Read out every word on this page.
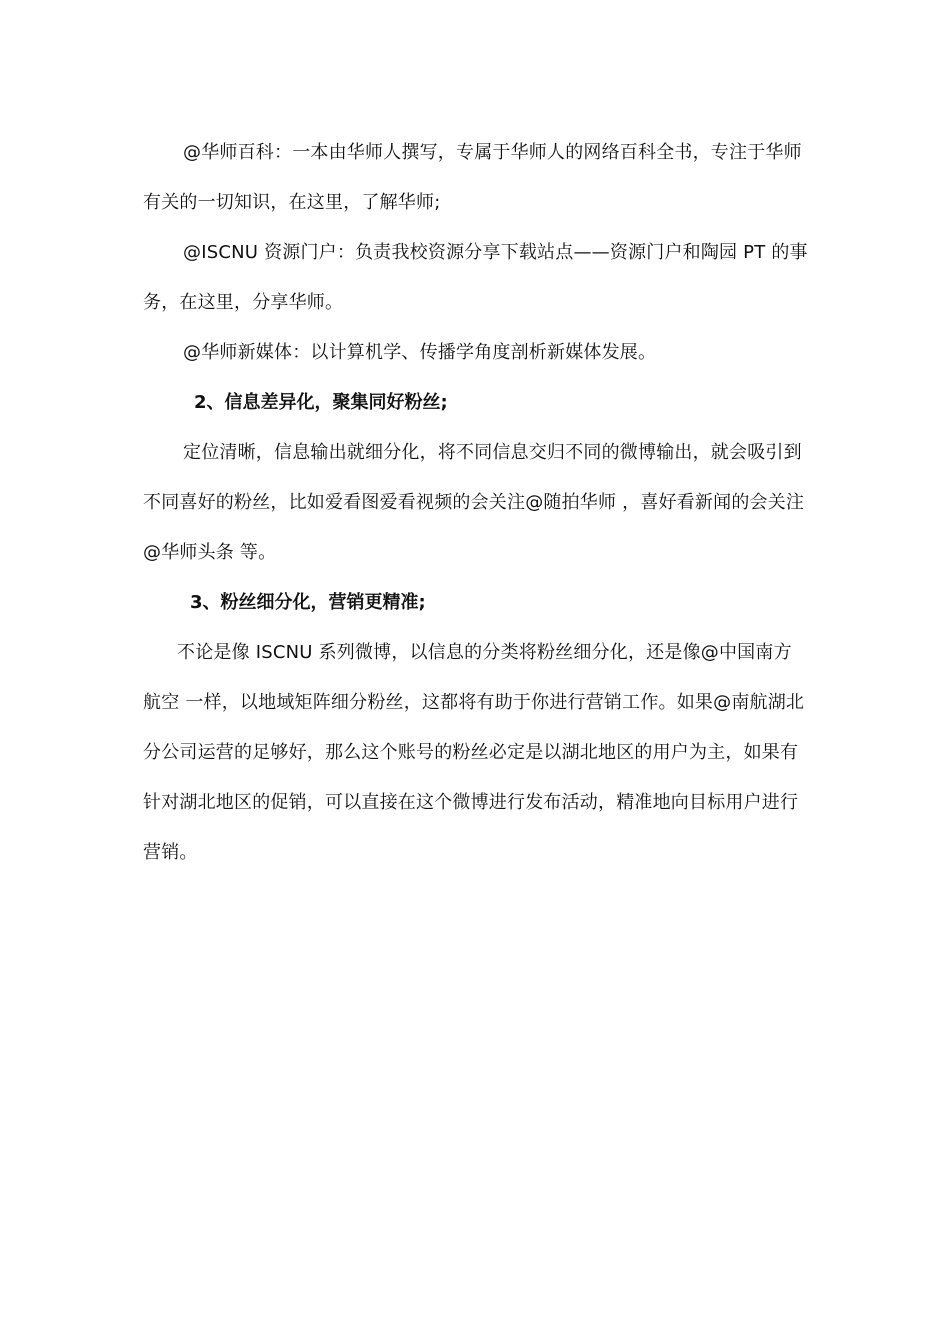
@华师百科：一本由华师人撰写，专属于华师人的网络百科全书，专注于华师有关的一切知识，在这里，了解华师;

@ISCNU 资源门户：负责我校资源分享下载站点——资源门户和陶园 PT 的事务，在这里，分享华师。

@华师新媒体：以计算机学、传播学角度剖析新媒体发展。

2、信息差异化，聚集同好粉丝;

定位清晰，信息输出就细分化，将不同信息交归不同的微博输出，就会吸引到不同喜好的粉丝，比如爱看图爱看视频的会关注@随拍华师 ，喜好看新闻的会关注@华师头条 等。

3、粉丝细分化，营销更精准;

不论是像 ISCNU 系列微博，以信息的分类将粉丝细分化，还是像@中国南方航空 一样，以地域矩阵细分粉丝，这都将有助于你进行营销工作。如果@南航湖北分公司运营的足够好，那么这个账号的粉丝必定是以湖北地区的用户为主，如果有针对湖北地区的促销，可以直接在这个微博进行发布活动，精准地向目标用户进行营销。
